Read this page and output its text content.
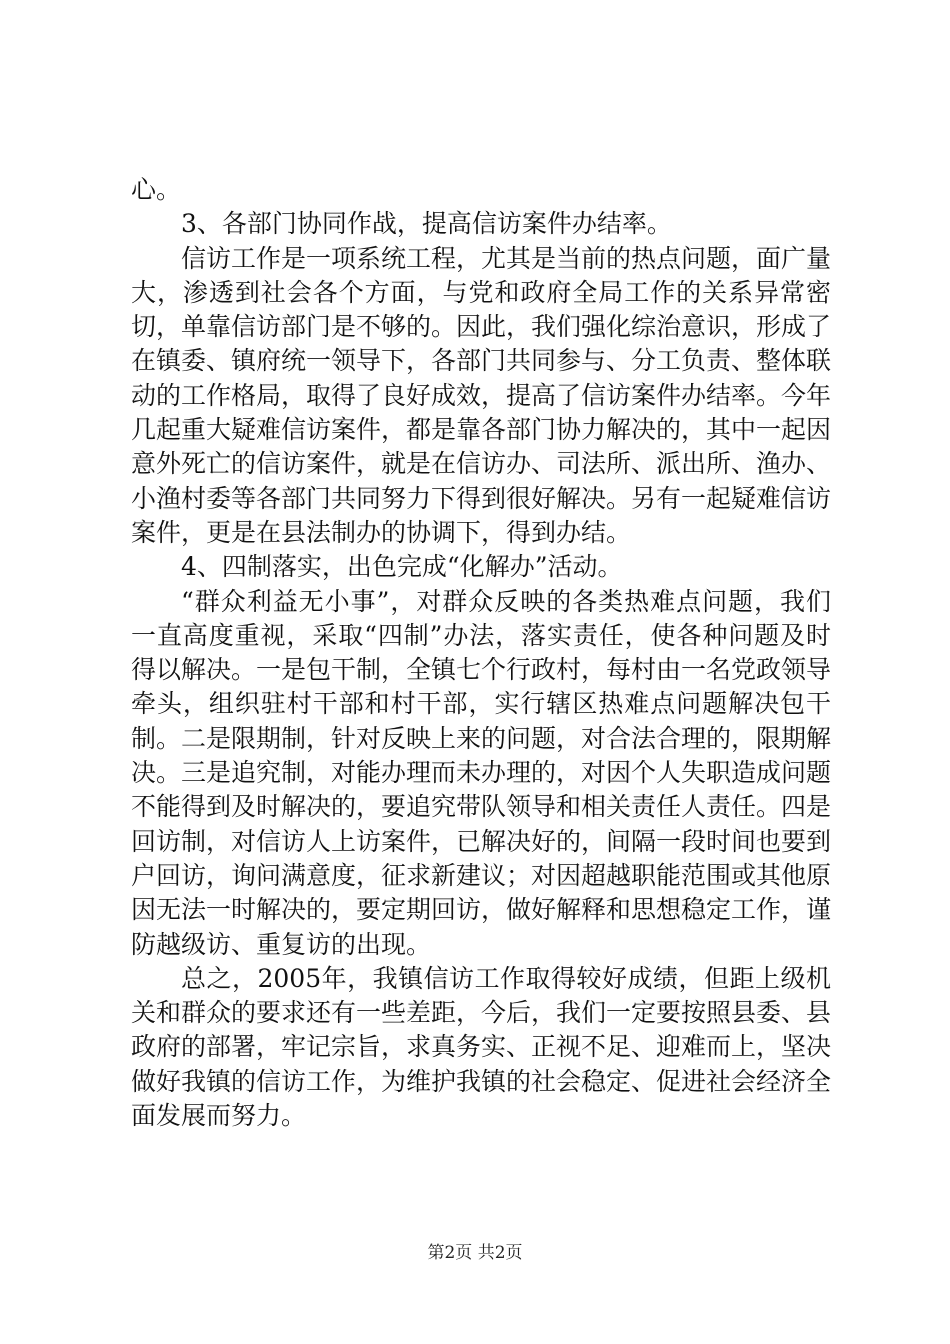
心。

3、各部门协同作战，提高信访案件办结率。

信访工作是一项系统工程，尤其是当前的热点问题，面广量大，渗透到社会各个方面，与党和政府全局工作的关系异常密切，单靠信访部门是不够的。因此，我们强化综治意识，形成了在镇委、镇府统一领导下，各部门共同参与、分工负责、整体联动的工作格局，取得了良好成效，提高了信访案件办结率。今年几起重大疑难信访案件，都是靠各部门协力解决的，其中一起因意外死亡的信访案件，就是在信访办、司法所、派出所、渔办、小渔村委等各部门共同努力下得到很好解决。另有一起疑难信访案件，更是在县法制办的协调下，得到办结。

4、四制落实，出色完成“化解办”活动。

“群众利益无小事”，对群众反映的各类热难点问题，我们一直高度重视，采取“四制”办法，落实责任，使各种问题及时得以解决。一是包干制，全镇七个行政村，每村由一名党政领导牵头，组织驻村干部和村干部，实行辖区热难点问题解决包干制。二是限期制，针对反映上来的问题，对合法合理的，限期解决。三是追究制，对能办理而未办理的，对因个人失职造成问题不能得到及时解决的，要追究带队领导和相关责任人责任。四是回访制，对信访人上访案件，已解决好的，间隔一段时间也要到户回访，询问满意度，征求新建议；对因超越职能范围或其他原因无法一时解决的，要定期回访，做好解释和思想稳定工作，谨防越级访、重复访的出现。

总之，2005年，我镇信访工作取得较好成绩，但距上级机关和群众的要求还有一些差距，今后，我们一定要按照县委、县政府的部署，牢记宗旨，求真务实、正视不足、迎难而上，坚决做好我镇的信访工作，为维护我镇的社会稳定、促进社会经济全面发展而努力。

第2页 共2页
